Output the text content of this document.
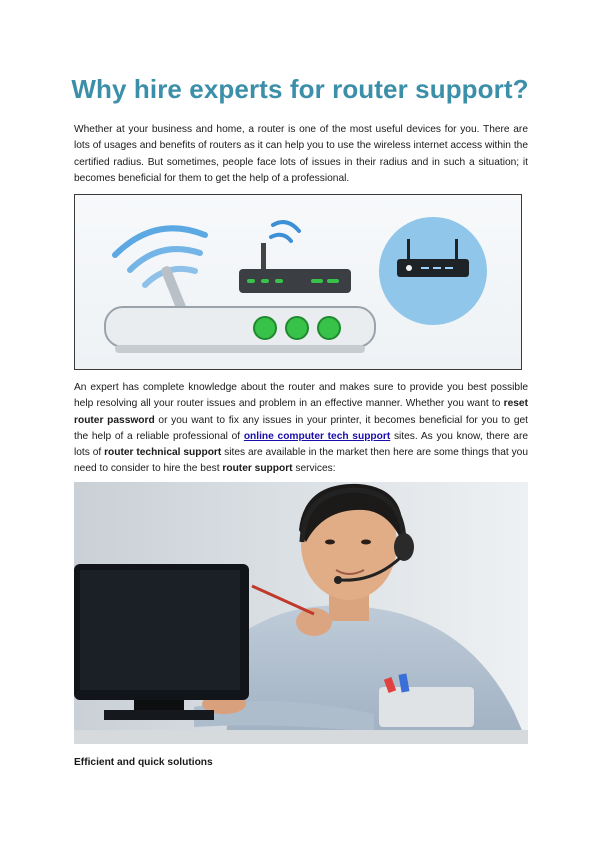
Why hire experts for router support?

Whether at your business and home, a router is one of the most useful devices for you. There are lots of usages and benefits of routers as it can help you to use the wireless internet access within the certified radius. But sometimes, people face lots of issues in their radius and in such a situation; it becomes beneficial for them to get the help of a professional.

An expert has complete knowledge about the router and makes sure to provide you best possible help resolving all your router issues and problem in an effective manner. Whether you want to reset router password or you want to fix any issues in your printer, it becomes beneficial for you to get the help of a reliable professional of online computer tech support sites. As you know, there are lots of router technical support sites are available in the market then here are some things that you need to consider to hire the best router support services:

Efficient and quick solutions
